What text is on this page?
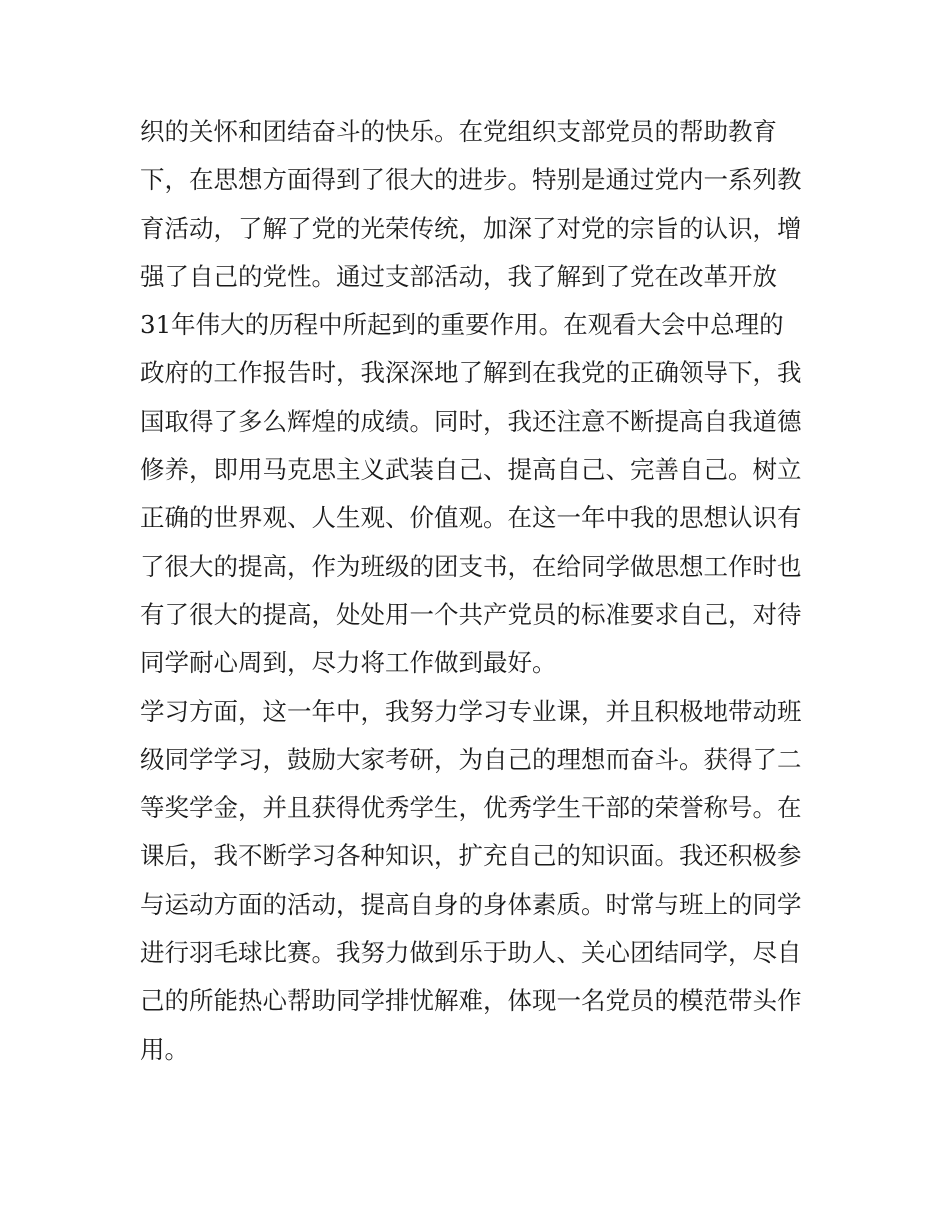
织的关怀和团结奋斗的快乐。在党组织支部党员的帮助教育
下，在思想方面得到了很大的进步。特别是通过党内一系列教
育活动，了解了党的光荣传统，加深了对党的宗旨的认识，增
强了自己的党性。通过支部活动，我了解到了党在改革开放
31年伟大的历程中所起到的重要作用。在观看大会中总理的
政府的工作报告时，我深深地了解到在我党的正确领导下，我
国取得了多么辉煌的成绩。同时，我还注意不断提高自我道德
修养，即用马克思主义武装自己、提高自己、完善自己。树立
正确的世界观、人生观、价值观。在这一年中我的思想认识有
了很大的提高，作为班级的团支书，在给同学做思想工作时也
有了很大的提高，处处用一个共产党员的标准要求自己，对待
同学耐心周到，尽力将工作做到最好。
学习方面，这一年中，我努力学习专业课，并且积极地带动班
级同学学习，鼓励大家考研，为自己的理想而奋斗。获得了二
等奖学金，并且获得优秀学生，优秀学生干部的荣誉称号。在
课后，我不断学习各种知识，扩充自己的知识面。我还积极参
与运动方面的活动，提高自身的身体素质。时常与班上的同学
进行羽毛球比赛。我努力做到乐于助人、关心团结同学，尽自
己的所能热心帮助同学排忧解难，体现一名党员的模范带头作
用。
